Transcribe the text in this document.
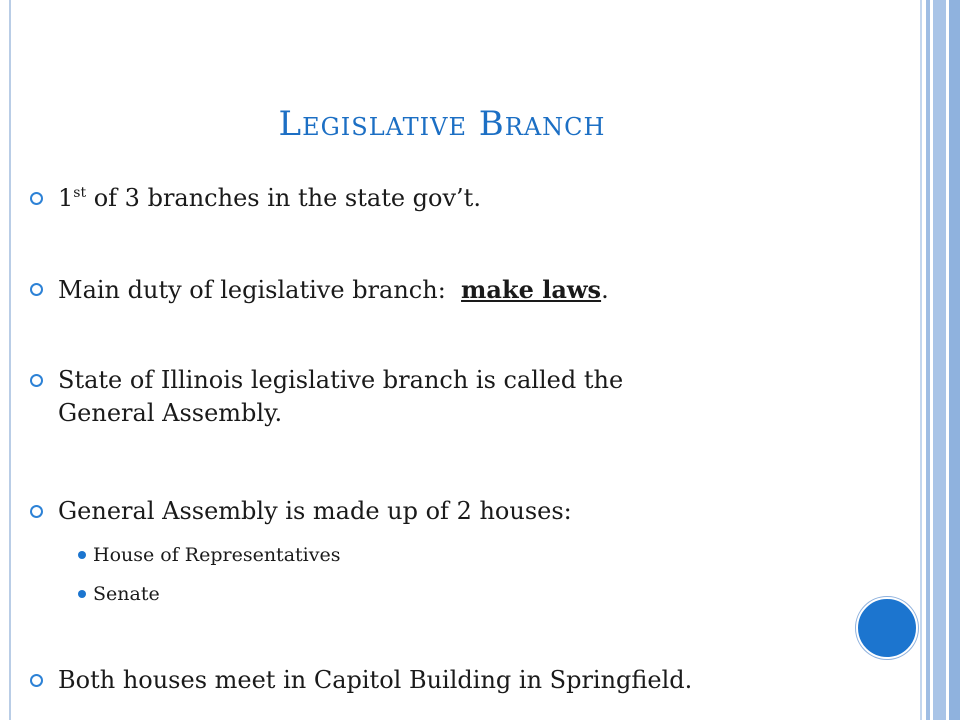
Legislative Branch
1st of 3 branches in the state gov’t.
Main duty of legislative branch:  make laws.
State of Illinois legislative branch is called the
General Assembly.
General Assembly is made up of 2 houses:
House of Representatives
Senate
Both houses meet in Capitol Building in Springfield.
